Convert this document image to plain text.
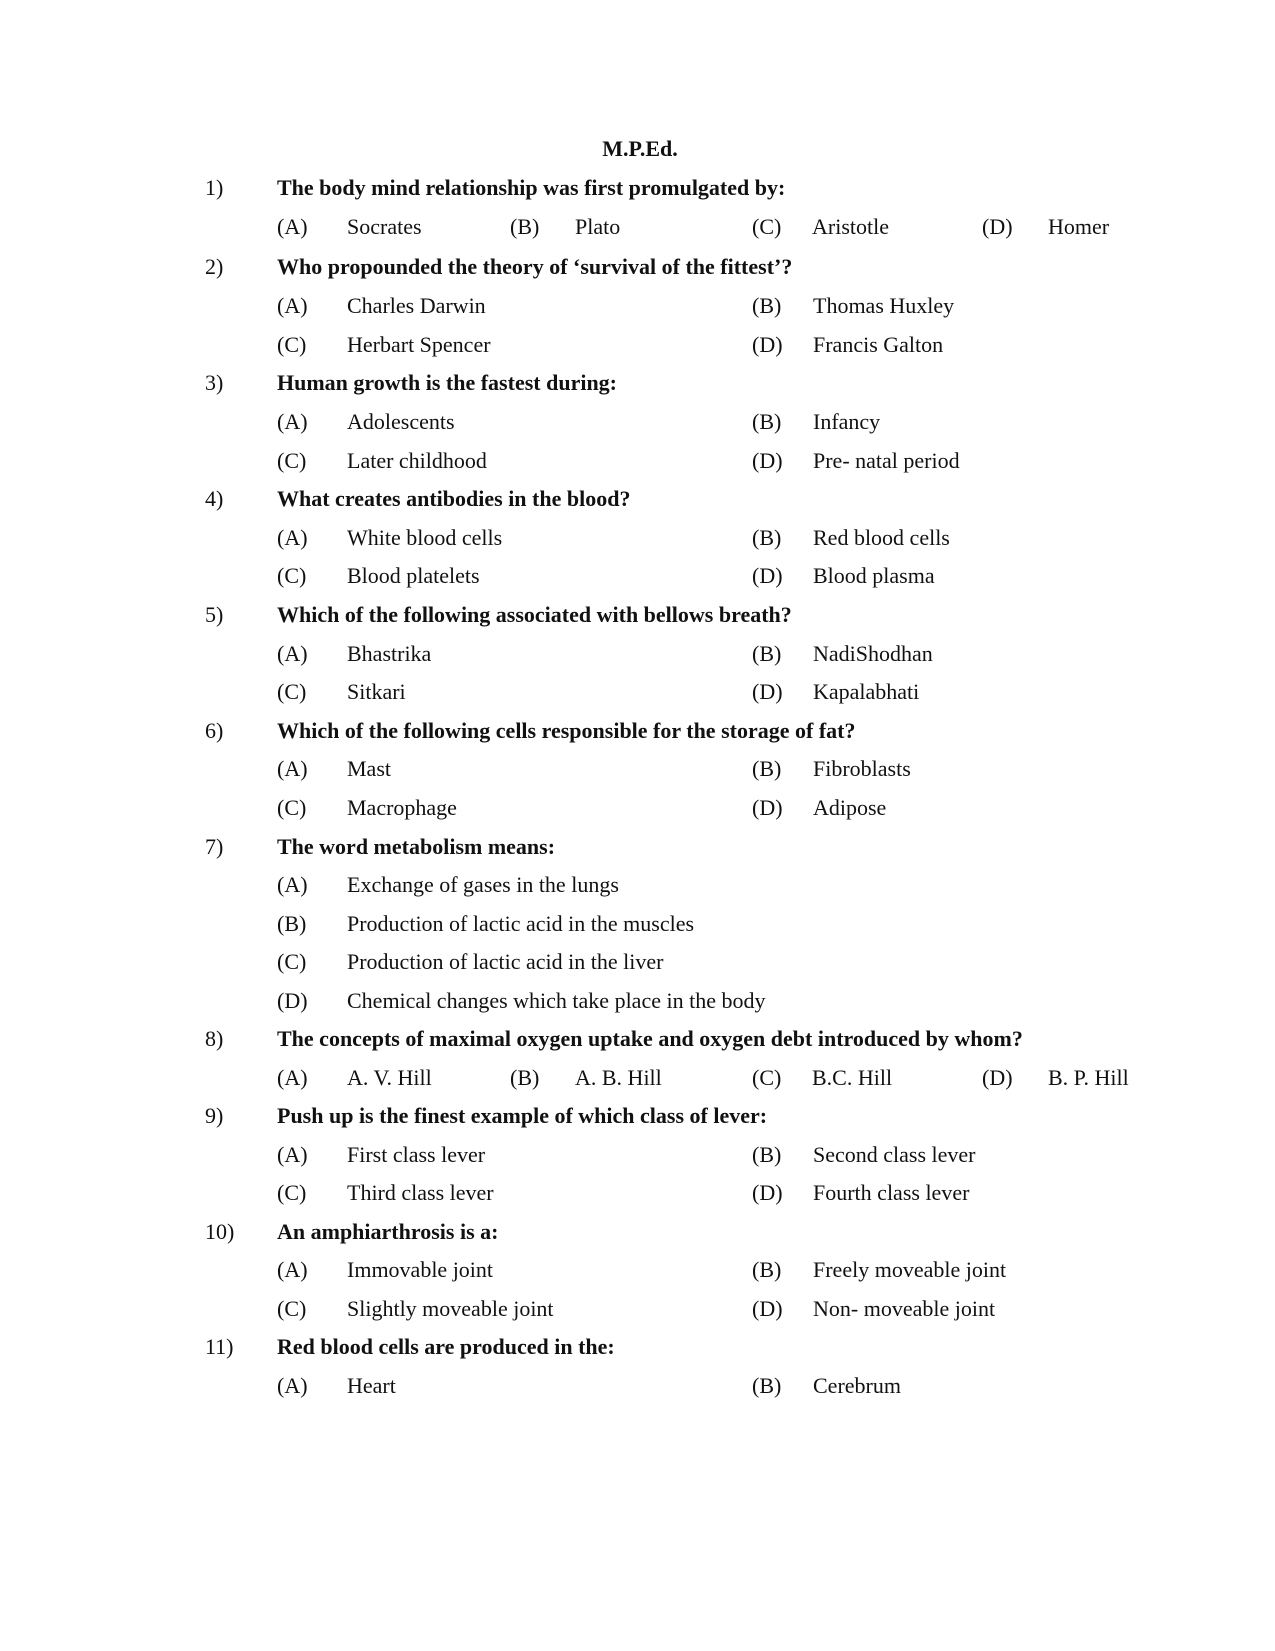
M.P.Ed.
1) The body mind relationship was first promulgated by:
(A) Socrates	(B) Plato	(C) Aristotle	(D) Homer
2) Who propounded the theory of ‘survival of the fittest’?
(A) Charles Darwin	(B) Thomas Huxley
(C) Herbart Spencer	(D) Francis Galton
3) Human growth is the fastest during:
(A) Adolescents	(B) Infancy
(C) Later childhood	(D) Pre- natal period
4) What creates antibodies in the blood?
(A) White blood cells	(B) Red blood cells
(C) Blood platelets	(D) Blood plasma
5) Which of the following associated with bellows breath?
(A) Bhastrika	(B) NadiShodhan
(C) Sitkari	(D) Kapalabhati
6) Which of the following cells responsible for the storage of fat?
(A) Mast	(B) Fibroblasts
(C) Macrophage	(D) Adipose
7) The word metabolism means:
(A) Exchange of gases in the lungs
(B) Production of lactic acid in the muscles
(C) Production of lactic acid in the liver
(D) Chemical changes which take place in the body
8) The concepts of maximal oxygen uptake and oxygen debt introduced by whom?
(A) A. V. Hill	(B) A. B. Hill	(C) B.C. Hill	(D) B. P. Hill
9) Push up is the finest example of which class of lever:
(A) First class lever	(B) Second class lever
(C) Third class lever	(D) Fourth class lever
10) An amphiarthrosis is a:
(A) Immovable joint	(B) Freely moveable joint
(C) Slightly moveable joint	(D) Non- moveable joint
11) Red blood cells are produced in the:
(A) Heart	(B) Cerebrum
